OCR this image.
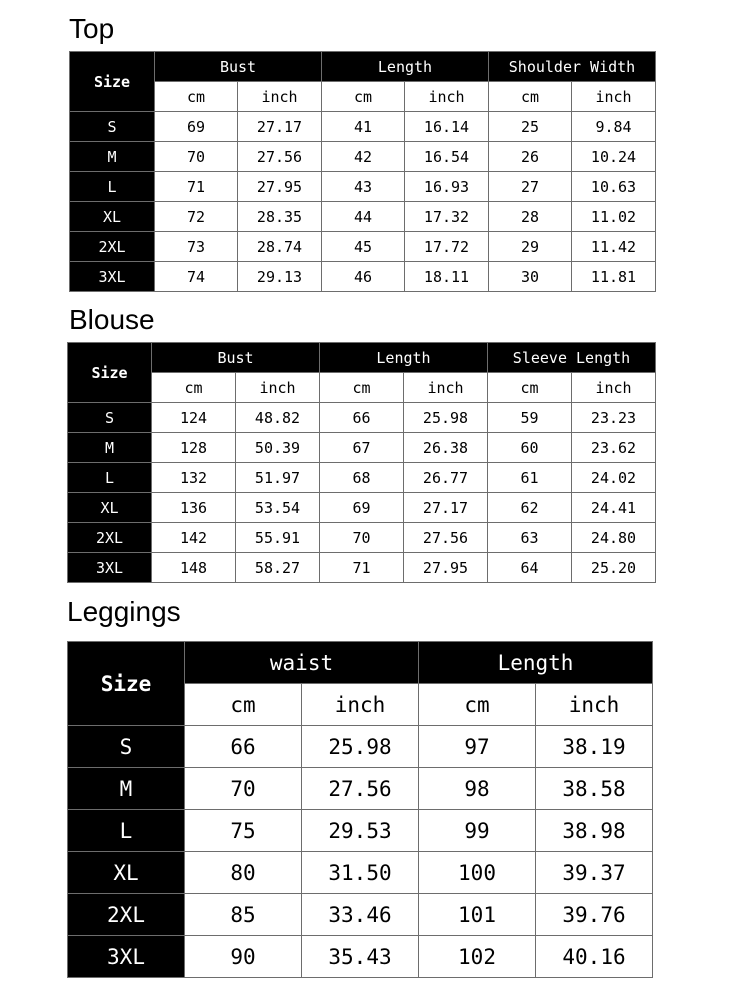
Top
Size	Bust		Length		Shoulder Width	
	cm	inch	cm	inch	cm	inch
S	69	27.17	41	16.14	25	9.84
M	70	27.56	42	16.54	26	10.24
L	71	27.95	43	16.93	27	10.63
XL	72	28.35	44	17.32	28	11.02
2XL	73	28.74	45	17.72	29	11.42
3XL	74	29.13	46	18.11	30	11.81
Blouse
Size	Bust		Length		Sleeve Length	
	cm	inch	cm	inch	cm	inch
S	124	48.82	66	25.98	59	23.23
M	128	50.39	67	26.38	60	23.62
L	132	51.97	68	26.77	61	24.02
XL	136	53.54	69	27.17	62	24.41
2XL	142	55.91	70	27.56	63	24.80
3XL	148	58.27	71	27.95	64	25.20
Leggings
Size	waist		Length	
	cm	inch	cm	inch
S	66	25.98	97	38.19
M	70	27.56	98	38.58
L	75	29.53	99	38.98
XL	80	31.50	100	39.37
2XL	85	33.46	101	39.76
3XL	90	35.43	102	40.16
